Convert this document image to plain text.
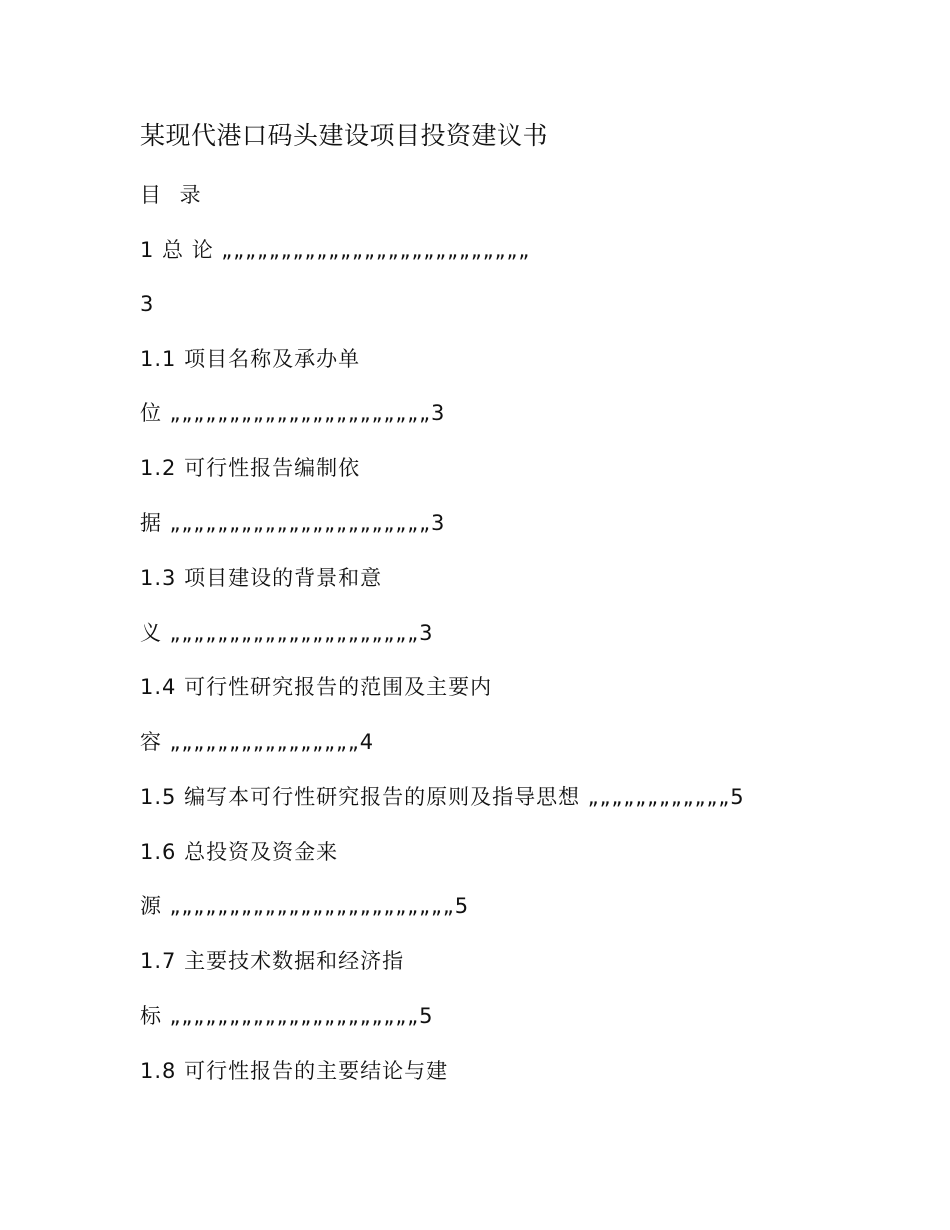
某现代港口码头建设项目投资建议书
目 录
1 总 论 „„„„„„„„„„„„„„„„„„„„„„„„„„
3
1.1 项目名称及承办单
位 „„„„„„„„„„„„„„„„„„„„„„3
1.2 可行性报告编制依
据 „„„„„„„„„„„„„„„„„„„„„„3
1.3 项目建设的背景和意
义 „„„„„„„„„„„„„„„„„„„„„3
1.4 可行性研究报告的范围及主要内
容 „„„„„„„„„„„„„„„„4
1.5 编写本可行性研究报告的原则及指导思想 „„„„„„„„„„„„5
1.6 总投资及资金来
源 „„„„„„„„„„„„„„„„„„„„„„„„5
1.7 主要技术数据和经济指
标 „„„„„„„„„„„„„„„„„„„„„5
1.8 可行性报告的主要结论与建
